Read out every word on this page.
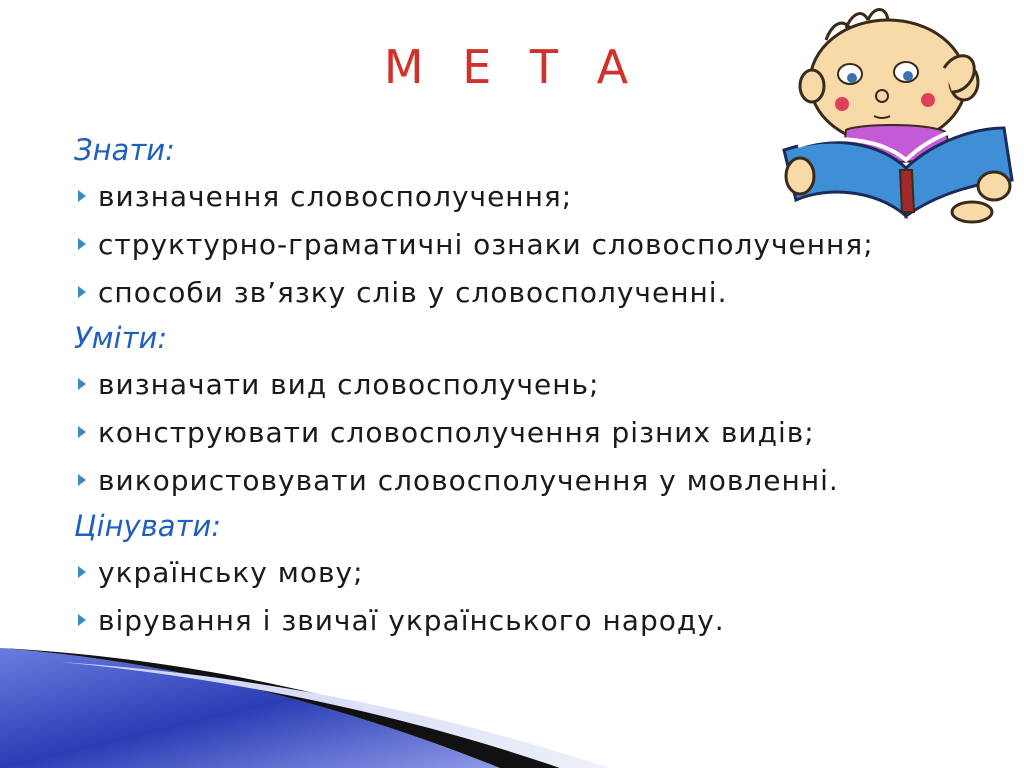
М Е Т А
Знати:
визначення словосполучення;
структурно-граматичні ознаки словосполучення;
способи зв’язку слів у словосполученні.
Уміти:
визначати вид словосполучень;
конструювати словосполучення різних видів;
використовувати словосполучення у мовленні.
Цінувати:
українську мову;
вірування і звичаї українського народу.
